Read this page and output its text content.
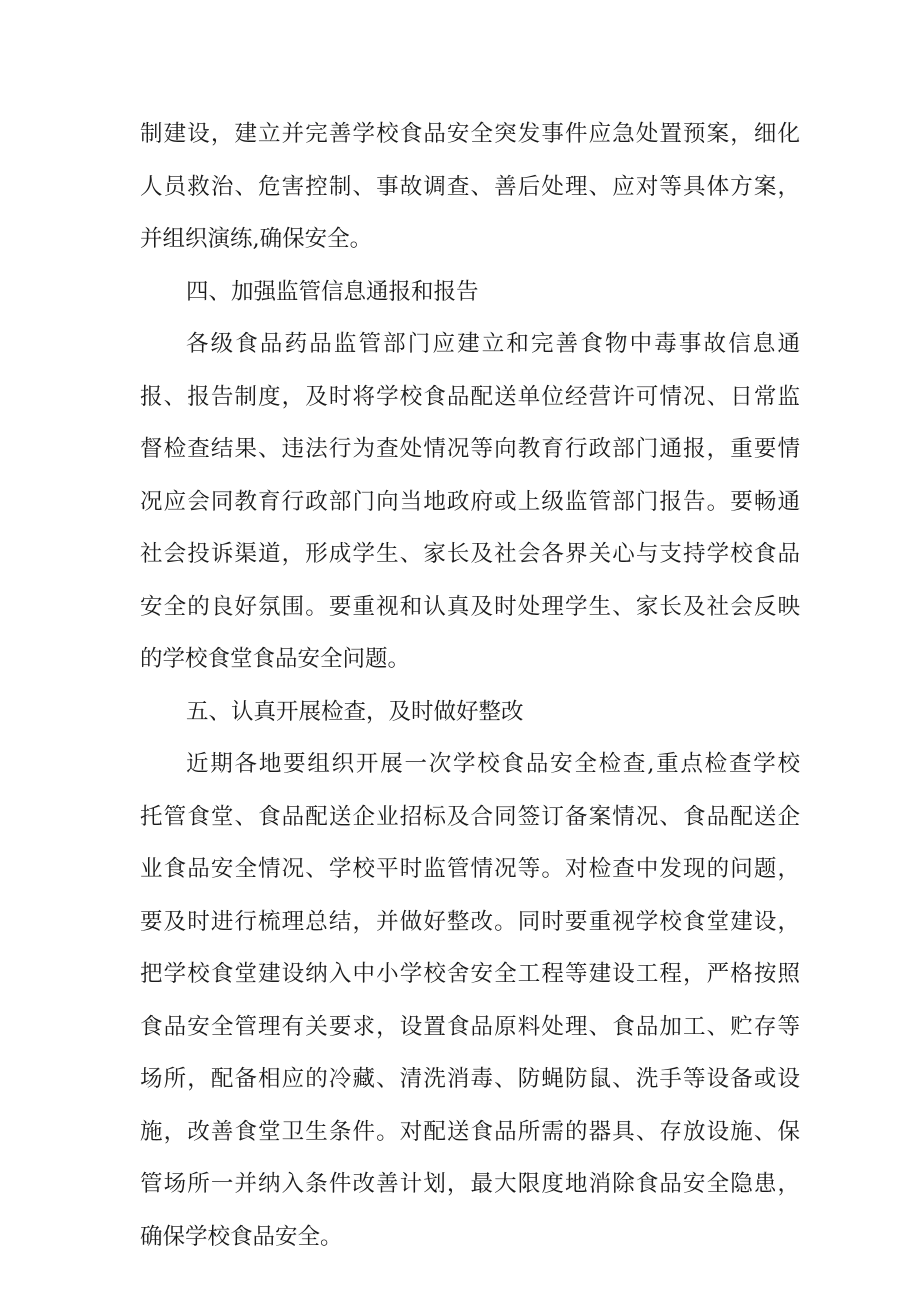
制建设，建立并完善学校食品安全突发事件应急处置预案，细化
人员救治、危害控制、事故调查、善后处理、应对等具体方案，
并组织演练,确保安全。
四、加强监管信息通报和报告
各级食品药品监管部门应建立和完善食物中毒事故信息通
报、报告制度，及时将学校食品配送单位经营许可情况、日常监
督检查结果、违法行为查处情况等向教育行政部门通报，重要情
况应会同教育行政部门向当地政府或上级监管部门报告。要畅通
社会投诉渠道，形成学生、家长及社会各界关心与支持学校食品
安全的良好氛围。要重视和认真及时处理学生、家长及社会反映
的学校食堂食品安全问题。
五、认真开展检查，及时做好整改
近期各地要组织开展一次学校食品安全检查,重点检查学校
托管食堂、食品配送企业招标及合同签订备案情况、食品配送企
业食品安全情况、学校平时监管情况等。对检查中发现的问题，
要及时进行梳理总结，并做好整改。同时要重视学校食堂建设，
把学校食堂建设纳入中小学校舍安全工程等建设工程，严格按照
食品安全管理有关要求，设置食品原料处理、食品加工、贮存等
场所，配备相应的冷藏、清洗消毒、防蝇防鼠、洗手等设备或设
施，改善食堂卫生条件。对配送食品所需的器具、存放设施、保
管场所一并纳入条件改善计划，最大限度地消除食品安全隐患，
确保学校食品安全。
